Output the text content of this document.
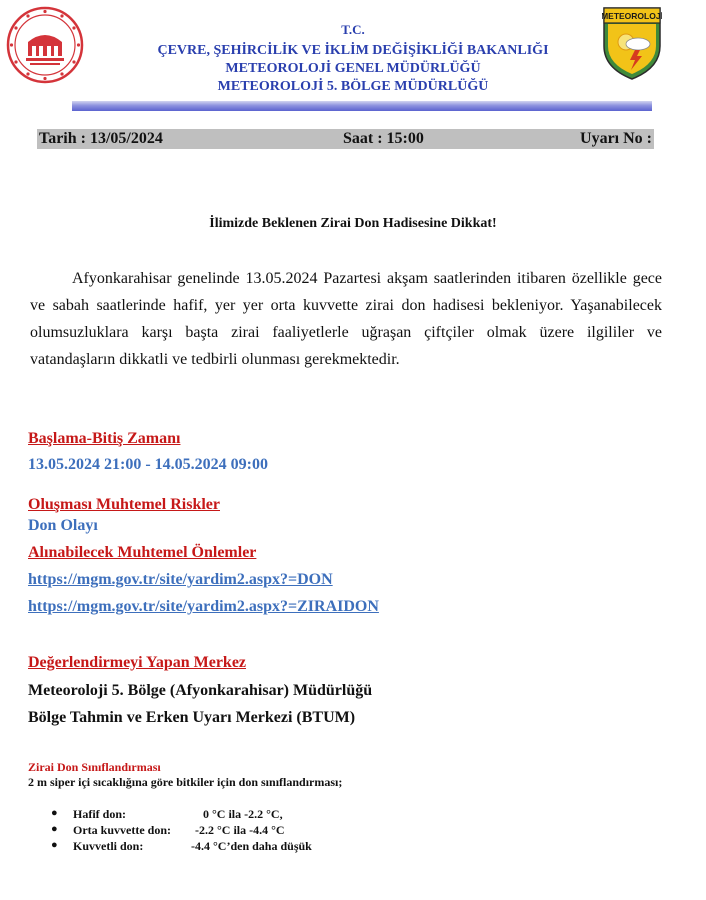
T.C.
ÇEVRE, ŞEHİRCİLİK VE İKLİM DEĞİŞİKLİĞİ BAKANLIĞI
METEOROLOJİ GENEL MÜDÜRLÜĞÜ
METEOROLOJİ 5. BÖLGE MÜDÜRLÜĞÜ
METEOROLOJİ
Tarih : 13/05/2024	Saat : 15:00	Uyarı No :
İlimizde Beklenen Zirai Don Hadisesine Dikkat!

Afyonkarahisar genelinde 13.05.2024 Pazartesi akşam saatlerinden itibaren özellikle gece ve sabah saatlerinde hafif, yer yer orta kuvvette zirai don hadisesi bekleniyor. Yaşanabilecek olumsuzluklara karşı başta zirai faaliyetlerle uğraşan çiftçiler olmak üzere ilgililer ve vatandaşların dikkatli ve tedbirli olunması gerekmektedir.

Başlama-Bitiş Zamanı
13.05.2024 21:00 - 14.05.2024 09:00
Oluşması Muhtemel Riskler
Don Olayı
Alınabilecek Muhtemel Önlemler
https://mgm.gov.tr/site/yardim2.aspx?=DON
https://mgm.gov.tr/site/yardim2.aspx?=ZIRAIDON
Değerlendirmeyi Yapan Merkez
Meteoroloji 5. Bölge (Afyonkarahisar) Müdürlüğü
Bölge Tahmin ve Erken Uyarı Merkezi (BTUM)
Zirai Don Sınıflandırması
2 m siper içi sıcaklığına göre bitkiler için don sınıflandırması;
● Hafif don:	0 °C ila -2.2 °C,
● Orta kuvvette don: -2.2 °C ila -4.4 °C
● Kuvvetli don:	-4.4 °C’den daha düşük
